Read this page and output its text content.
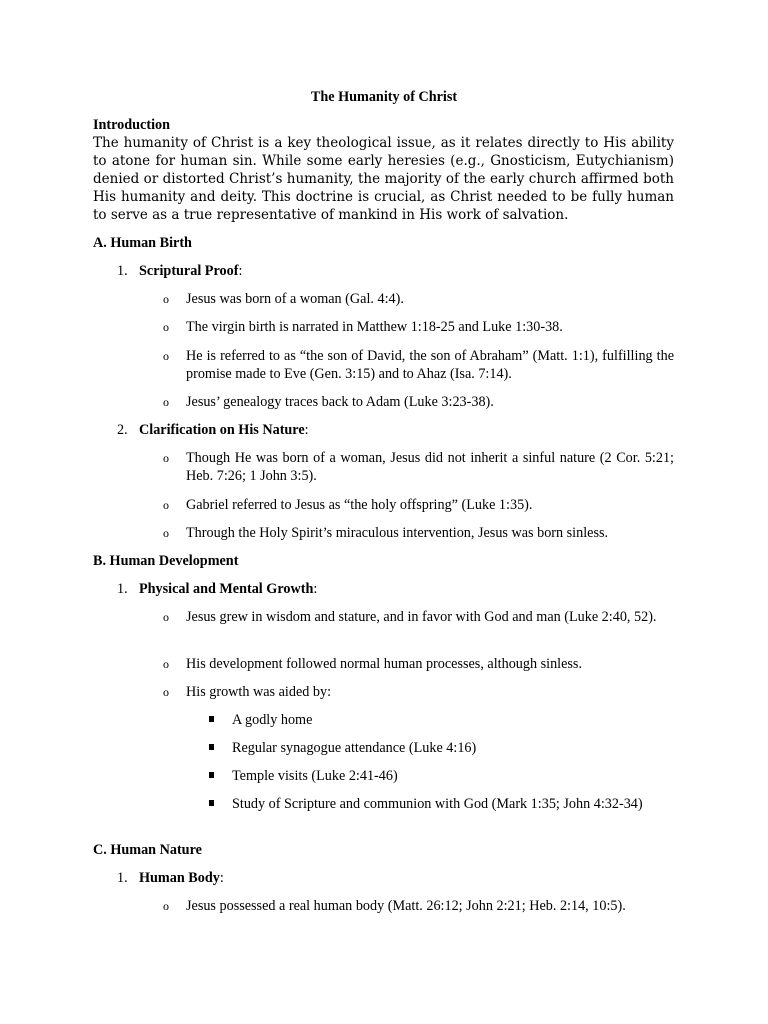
The Humanity of Christ
Introduction

The humanity of Christ is a key theological issue, as it relates directly to His ability to atone for human sin. While some early heresies (e.g., Gnosticism, Eutychianism) denied or distorted Christ’s humanity, the majority of the early church affirmed both His humanity and deity. This doctrine is crucial, as Christ needed to be fully human to serve as a true representative of mankind in His work of salvation.

A. Human Birth
1. Scriptural Proof:
o Jesus was born of a woman (Gal. 4:4).
o The virgin birth is narrated in Matthew 1:18-25 and Luke 1:30-38.
o He is referred to as “the son of David, the son of Abraham” (Matt. 1:1), fulfilling the promise made to Eve (Gen. 3:15) and to Ahaz (Isa. 7:14).
o Jesus’ genealogy traces back to Adam (Luke 3:23-38).
2. Clarification on His Nature:
o Though He was born of a woman, Jesus did not inherit a sinful nature (2 Cor. 5:21; Heb. 7:26; 1 John 3:5).
o Gabriel referred to Jesus as “the holy offspring” (Luke 1:35).
o Through the Holy Spirit’s miraculous intervention, Jesus was born sinless.
B. Human Development
1. Physical and Mental Growth:
o Jesus grew in wisdom and stature, and in favor with God and man (Luke 2:40, 52).
o His development followed normal human processes, although sinless.
o His growth was aided by:
A godly home
Regular synagogue attendance (Luke 4:16)
Temple visits (Luke 2:41-46)
Study of Scripture and communion with God (Mark 1:35; John 4:32-34)
C. Human Nature
1. Human Body:
o Jesus possessed a real human body (Matt. 26:12; John 2:21; Heb. 2:14, 10:5).
